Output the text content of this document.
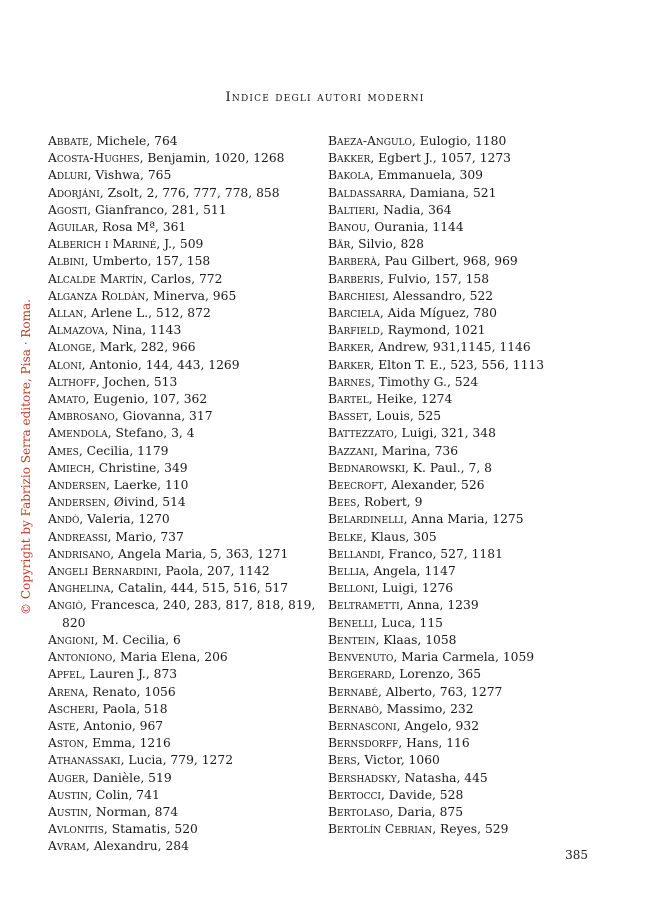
Indice degli autori moderni
© Copyright by Fabrizio Serra editore, Pisa · Roma.
Abbate, Michele, 764
Acosta-Hughes, Benjamin, 1020, 1268
Adluri, Vishwa, 765
Adorjáni, Zsolt, 2, 776, 777, 778, 858
Agosti, Gianfranco, 281, 511
Aguilar, Rosa Mª, 361
Alberich i Mariné, J., 509
Albini, Umberto, 157, 158
Alcalde Martín, Carlos, 772
Alganza Roldàn, Minerva, 965
Allan, Arlene L., 512, 872
Almazova, Nina, 1143
Alonge, Mark, 282, 966
Aloni, Antonio, 144, 443, 1269
Althoff, Jochen, 513
Amato, Eugenio, 107, 362
Ambrosano, Giovanna, 317
Amendola, Stefano, 3, 4
Ames, Cecilia, 1179
Amiech, Christine, 349
Andersen, Laerke, 110
Andersen, Øivind, 514
Andò, Valeria, 1270
Andreassi, Mario, 737
Andrisano, Angela Maria, 5, 363, 1271
Angeli Bernardini, Paola, 207, 1142
Anghelina, Catalin, 444, 515, 516, 517
Angiò, Francesca, 240, 283, 817, 818, 819, 820
Angioni, M. Cecilia, 6
Antoniono, Maria Elena, 206
Apfel, Lauren J., 873
Arena, Renato, 1056
Ascheri, Paola, 518
Aste, Antonio, 967
Aston, Emma, 1216
Athanassaki, Lucia, 779, 1272
Auger, Danièle, 519
Austin, Colin, 741
Austin, Norman, 874
Avlonitis, Stamatis, 520
Avram, Alexandru, 284
Baeza-Angulo, Eulogio, 1180
Bakker, Egbert J., 1057, 1273
Bakola, Emmanuela, 309
Baldassarra, Damiana, 521
Baltieri, Nadia, 364
Banou, Ourania, 1144
Bär, Silvio, 828
Barberà, Pau Gilbert, 968, 969
Barberis, Fulvio, 157, 158
Barchiesi, Alessandro, 522
Barciela, Aida Míguez, 780
Barfield, Raymond, 1021
Barker, Andrew, 931,1145, 1146
Barker, Elton T. E., 523, 556, 1113
Barnes, Timothy G., 524
Bartel, Heike, 1274
Basset, Louis, 525
Battezzato, Luigi, 321, 348
Bazzani, Marina, 736
Bednarowski, K. Paul., 7, 8
Beecroft, Alexander, 526
Bees, Robert, 9
Belardinelli, Anna Maria, 1275
Belke, Klaus, 305
Bellandi, Franco, 527, 1181
Bellia, Angela, 1147
Belloni, Luigi, 1276
Beltrametti, Anna, 1239
Benelli, Luca, 115
Bentein, Klaas, 1058
Benvenuto, Maria Carmela, 1059
Bergerard, Lorenzo, 365
Bernabé, Alberto, 763, 1277
Bernabò, Massimo, 232
Bernasconi, Angelo, 932
Bernsdorff, Hans, 116
Bers, Victor, 1060
Bershadsky, Natasha, 445
Bertocci, Davide, 528
Bertolaso, Daria, 875
Bertolín Cebrian, Reyes, 529
385
